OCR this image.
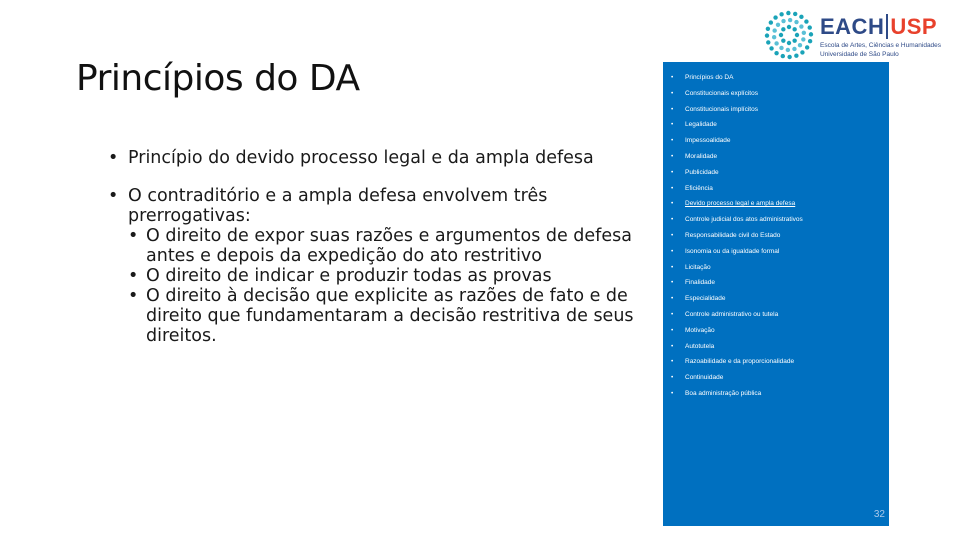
Princípios do DA

• Princípio do devido processo legal e da ampla defesa

• O contraditório e a ampla defesa envolvem três prerrogativas:

• O direito de expor suas razões e argumentos de defesa antes e depois da expedição do ato restritivo
• O direito de indicar e produzir todas as provas
• O direito à decisão que explicite as razões de fato e de direito que fundamentaram a decisão restritiva de seus direitos.
EACH USP
Escola de Artes, Ciências e Humanidades
Universidade de São Paulo
• Princípios do DA
• Constitucionais explícitos
• Constitucionais implícitos
• Legalidade
• Impessoalidade
• Moralidade
• Publicidade
• Eficiência
• Devido processo legal e ampla defesa
• Controle judicial dos atos administrativos
• Responsabilidade civil do Estado
• Isonomia ou da igualdade formal
• Licitação
• Finalidade
• Especialidade
• Controle administrativo ou tutela
• Motivação
• Autotutela
• Razoabilidade e da proporcionalidade
• Continuidade
• Boa administração pública
32
